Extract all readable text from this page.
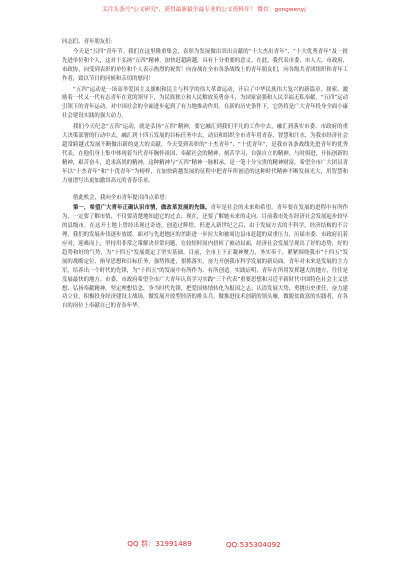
关注头条号"公文研究"，获得最新最全最专业的公文资料库！ 微信：gongwenyj

同志们、青年朋友们：

今天是“五四”青年节。我们在这里隆重集会，表彰为发展做出突出贡献的“十大杰出青年”、“十大优秀青年”及一批先进单位和个人，这对于弘扬“五四”精神，加快赶超跨越，具有十分重要的意义。在此，我代表市委、市人大、市政府、市政协，向受到表彰的单位和个人表示热烈的祝贺！向奋战在全市各条战线上的青年朋友们，向各级共青团组织和青年工作者，致以节日的问候和亲切的慰问！

“五四”运动是一场高举爱国主义旗帜和民主与科学的伟大革命运动，开启了中华民族伟大复兴的新篇章，探索、激励着一代又一代有志青年在党的领导下，为民族独立和人民解放英勇奋斗，为国家富强和人民幸福无私奉献。“五四”运动引领下的青年运动，对中国社会的全面进步起到了有力地推动作用。在新的历史条件下，它仍将是广大青年投身全面小康社会建设实践的强大动力。

我们今天纪念“五四”运动，就是弘扬“五四”精神，要它融汇到我们平凡的工作中去，融汇到落实市委、市政府的重大决策部署的行动中去，融汇到十四五发展的目标任务中去，动员和组织全市青年用青春、智慧和汗水，为我市经济社会超常跨越式发展不断做出新的更大的贡献。今天受到表彰的“十杰青年”、“十优青年”，是我市各条战线先进青年的优秀代表，在他们身上集中体现着当代青年胸怀祖国、奉献社会的精神，刻苦学习，自强自立的精神，与时俱进，开拓创新的精神，艰苦奋斗，追求高尚的精神，这种精神与“五四”精神一脉相承，是一笔十分宝贵的精神财富。希望全市广大团员青年以“十杰青年”和“十优青年”为榜样，在加快跨越发展的征程中把青年所创造的这种时代精神不断发扬光大，用智慧和力量谱写出更加激昂高亢的青春乐章。

借此机会，我向全市青年提出四点希望：

第一，希望广大青年正确认识市情，做改革发展的先锋。青年是社会的未来和希望。青年要在发展的进程中有所作为，一定要了解市情，不仅要清楚地知道它的过去、现在，还要了解她未来的走向。目前我市处在经济社会发展起步较早的县级市，在这开土地上曾经出现过奇迹，创造过辉煌。但进入新世纪之后，由于发展方式的不科学，经济结构的不合理，我们的发展步伐逐步放缓。面对与先进地区的差距进一步拉大和被周边县市赶超的双重压力，历届市委、市政府沉着应对，迎难而上，坚持用非常之策解决非常问题，在较短时间内扭转了被动局面，经济社会发展呈现出了好的态势，好的趋势和好的气势，为“十四五”发展奠定了坚实基础。目前，全市上下正凝神聚力，务实奉干，紧紧围绕我市“十四五”发展的战略定位、指导思想和目标任务，强势推进，狠抓落实，奋力开创我市科学发展的新局面。青年对未来是发展的主力军。培养出一个时代的先锋，为“十四五”的发展中有所作为、有所创造。实践证明，青年在所用发挥越大的地方，往往是发展最快的地方。市委、市政府希望全市广大青年认真学习实践“三个代表”重要思想和习近平新时代中国特色社会主义思想，弘扬奉献精神，坚定理想信念，争当时代先锋，把爱国热情转化为报国之志；认清发展大势，勇挑历史重任，奋力建功立业，积极投身经济建设主战场，做发展开放型经济的排头兵，做推进技术创新的领头雁，做脱贫致富的实践者，在各自的岗位上奉献自己的青春年华。

QQ 群：31991489	QQ:535304092
